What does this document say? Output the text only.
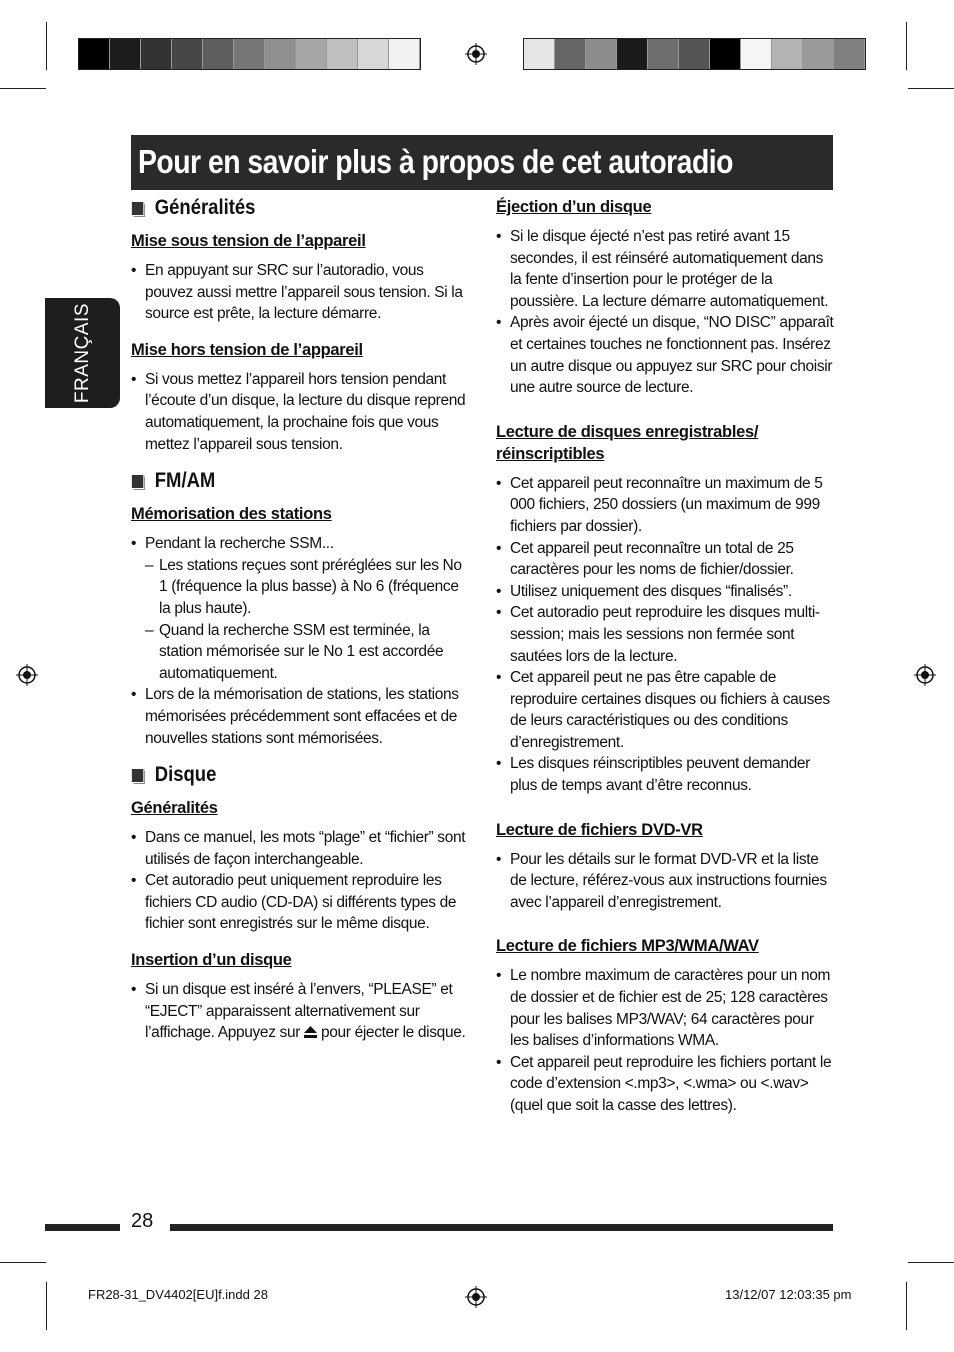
Pour en savoir plus à propos de cet autoradio
FRANÇAIS
Généralités
Mise sous tension de l’appareil
• En appuyant sur SRC sur l’autoradio, vous pouvez aussi mettre l’appareil sous tension. Si la source est prête, la lecture démarre.
Mise hors tension de l’appareil
• Si vous mettez l’appareil hors tension pendant l’écoute d’un disque, la lecture du disque reprend automatiquement, la prochaine fois que vous mettez l’appareil sous tension.
FM/AM
Mémorisation des stations
• Pendant la recherche SSM...
– Les stations reçues sont préréglées sur les No 1 (fréquence la plus basse) à No 6 (fréquence la plus haute).
– Quand la recherche SSM est terminée, la station mémorisée sur le No 1 est accordée automatiquement.
• Lors de la mémorisation de stations, les stations mémorisées précédemment sont effacées et de nouvelles stations sont mémorisées.
Disque
Généralités
• Dans ce manuel, les mots “plage” et “fichier” sont utilisés de façon interchangeable.
• Cet autoradio peut uniquement reproduire les fichiers CD audio (CD-DA) si différents types de fichier sont enregistrés sur le même disque.
Insertion d’un disque
• Si un disque est inséré à l’envers, “PLEASE” et “EJECT” apparaissent alternativement sur l’affichage. Appuyez sur pour éjecter le disque.
Éjection d’un disque
• Si le disque éjecté n’est pas retiré avant 15 secondes, il est réinséré automatiquement dans la fente d’insertion pour le protéger de la poussière. La lecture démarre automatiquement.
• Après avoir éjecté un disque, “NO DISC” apparaît et certaines touches ne fonctionnent pas. Insérez un autre disque ou appuyez sur SRC pour choisir une autre source de lecture.
Lecture de disques enregistrables/ réinscriptibles
• Cet appareil peut reconnaître un maximum de 5 000 fichiers, 250 dossiers (un maximum de 999 fichiers par dossier).
• Cet appareil peut reconnaître un total de 25 caractères pour les noms de fichier/dossier.
• Utilisez uniquement des disques “finalisés”.
• Cet autoradio peut reproduire les disques multi-session; mais les sessions non fermée sont sautées lors de la lecture.
• Cet appareil peut ne pas être capable de reproduire certaines disques ou fichiers à causes de leurs caractéristiques ou des conditions d’enregistrement.
• Les disques réinscriptibles peuvent demander plus de temps avant d’être reconnus.
Lecture de fichiers DVD-VR
• Pour les détails sur le format DVD-VR et la liste de lecture, référez-vous aux instructions fournies avec l’appareil d’enregistrement.
Lecture de fichiers MP3/WMA/WAV
• Le nombre maximum de caractères pour un nom de dossier et de fichier est de 25; 128 caractères pour les balises MP3/WAV; 64 caractères pour les balises d’informations WMA.
• Cet appareil peut reproduire les fichiers portant le code d’extension <.mp3>, <.wma> ou <.wav> (quel que soit la casse des lettres).
28
FR28-31_DV4402[EU]f.indd 28	13/12/07 12:03:35 pm
